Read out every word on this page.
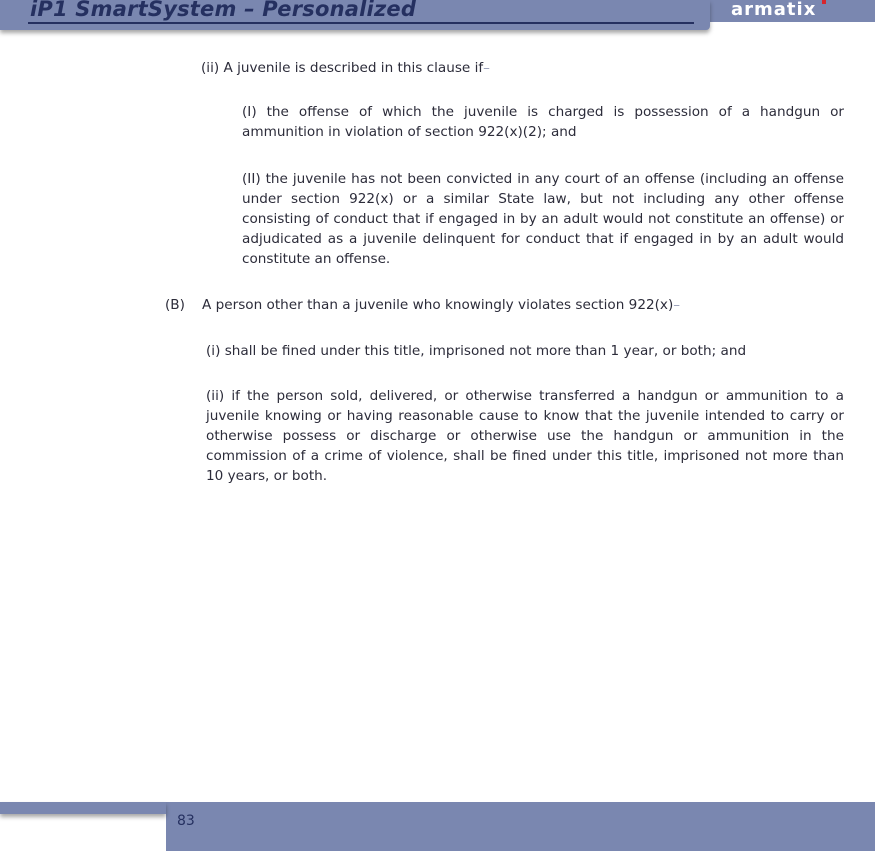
iP1 SmartSystem – Personalized	armatix

(ii) A juvenile is described in this clause if–

(I) the offense of which the juvenile is charged is possession of a handgun or ammunition in violation of section 922(x)(2); and

(II) the juvenile has not been convicted in any court of an offense (including an offense under section 922(x) or a similar State law, but not including any other offense consisting of conduct that if engaged in by an adult would not constitute an offense) or adjudicated as a juvenile delinquent for conduct that if engaged in by an adult would constitute an offense.

(B) A person other than a juvenile who knowingly violates section 922(x)–

(i) shall be fined under this title, imprisoned not more than 1 year, or both; and

(ii) if the person sold, delivered, or otherwise transferred a handgun or ammunition to a juvenile knowing or having reasonable cause to know that the juvenile intended to carry or otherwise possess or discharge or otherwise use the handgun or ammunition in the commission of a crime of violence, shall be fined under this title, imprisoned not more than 10 years, or both.

83
